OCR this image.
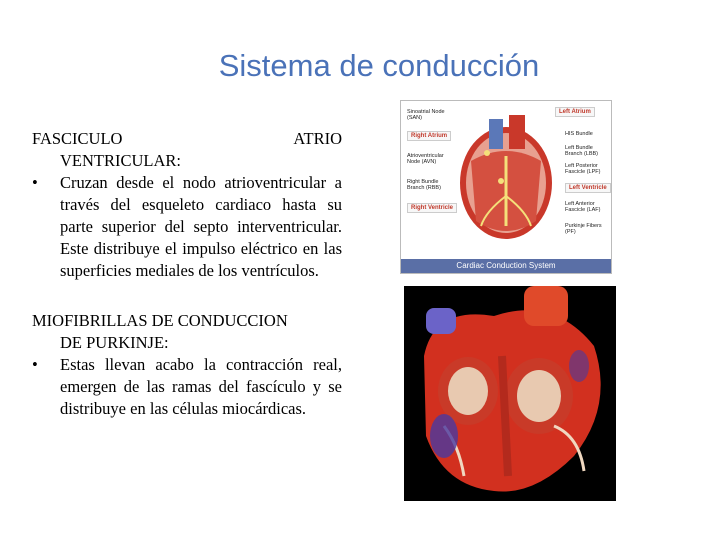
Sistema de conducción
FASCICULO	ATRIO
VENTRICULAR:
•	Cruzan desde el nodo atrioventricular a través del esqueleto cardiaco hasta su parte superior del septo interventricular. Este distribuye el impulso eléctrico en las superficies mediales de los ventrículos.
MIOFIBRILLAS DE CONDUCCION
DE PURKINJE:
•	Estas llevan acabo la contracción real, emergen de las ramas del fascículo y se distribuye en las células miocárdicas.
Sinoatrial Node (SAN)
Right Atrium
Atrioventricular Node (AVN)
Right Bundle Branch (RBB)
Right Ventricle
Left Atrium
HIS Bundle
Left Bundle Branch (LBB)
Left Posterior Fascicle (LPF)
Left Ventricle
Left Anterior Fascicle (LAF)
Purkinje Fibers (PF)
Cardiac Conduction System
